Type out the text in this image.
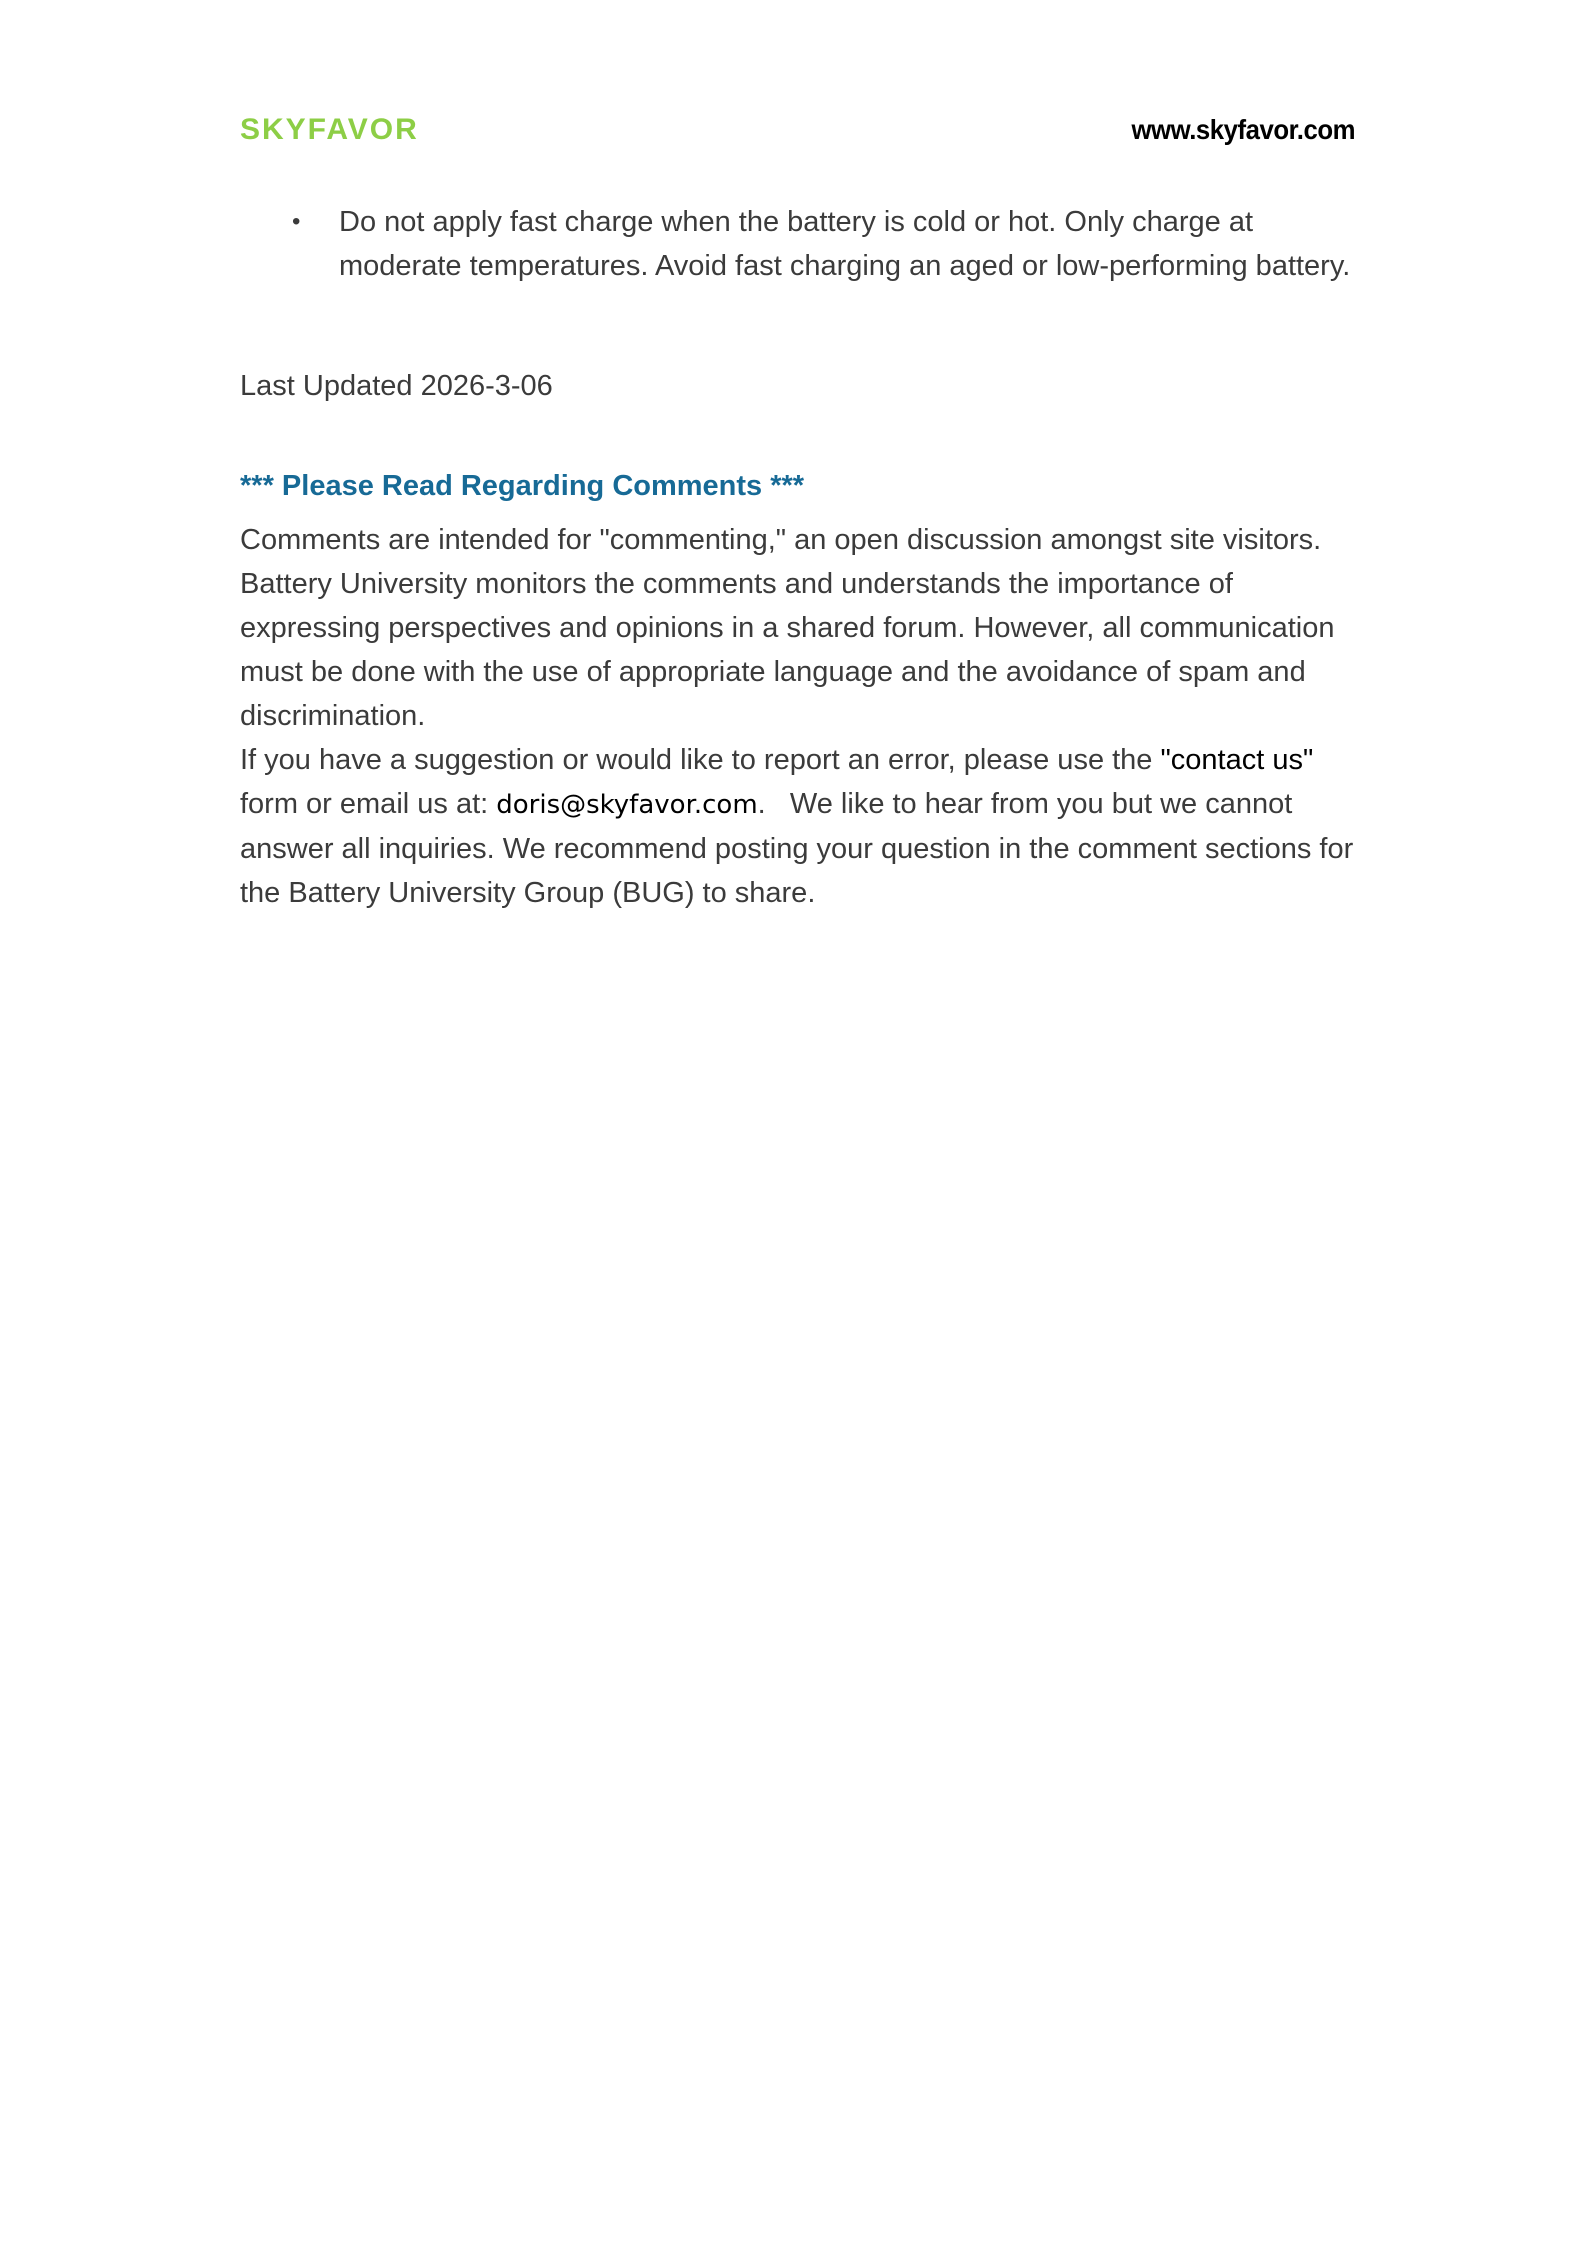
SKYFAVOR	www.skyfavor.com
•	Do not apply fast charge when the battery is cold or hot. Only charge at moderate temperatures. Avoid fast charging an aged or low-performing battery.

Last Updated 2026-3-06

*** Please Read Regarding Comments ***

Comments are intended for "commenting," an open discussion amongst site visitors. Battery University monitors the comments and understands the importance of expressing perspectives and opinions in a shared forum. However, all communication must be done with the use of appropriate language and the avoidance of spam and discrimination.

If you have a suggestion or would like to report an error, please use the "contact us" form or email us at: doris@skyfavor.com.   We like to hear from you but we cannot answer all inquiries. We recommend posting your question in the comment sections for the Battery University Group (BUG) to share.
